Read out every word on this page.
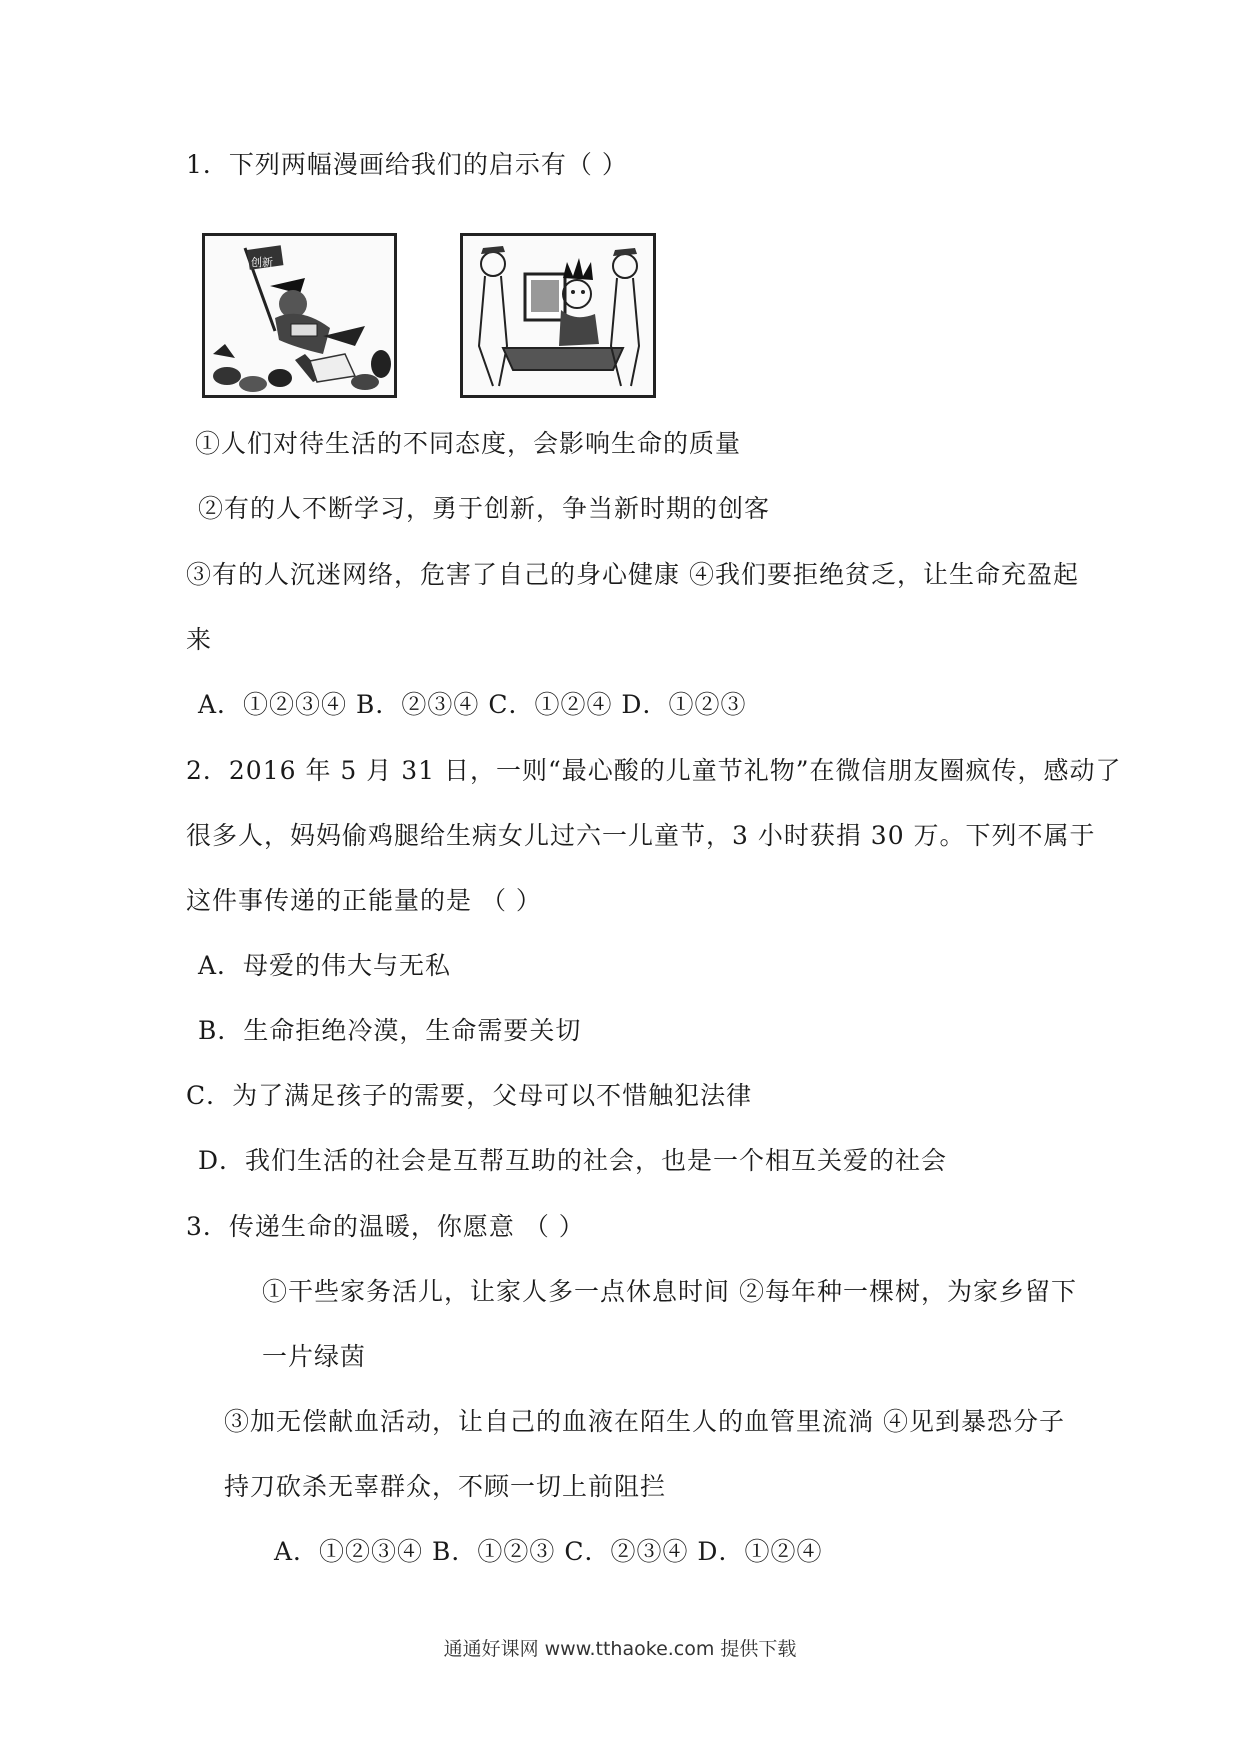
1．下列两幅漫画给我们的启示有（ ）
创新
①人们对待生活的不同态度，会影响生命的质量
②有的人不断学习，勇于创新，争当新时期的创客
③有的人沉迷网络，危害了自己的身心健康 ④我们要拒绝贫乏，让生命充盈起
来
A．①②③④ B．②③④ C．①②④ D．①②③
2．2016 年 5 月 31 日，一则“最心酸的儿童节礼物”在微信朋友圈疯传，感动了
很多人，妈妈偷鸡腿给生病女儿过六一儿童节，3 小时获捐 30 万。下列不属于
这件事传递的正能量的是 （ ）
A．母爱的伟大与无私
B．生命拒绝冷漠，生命需要关切
C．为了满足孩子的需要，父母可以不惜触犯法律
D．我们生活的社会是互帮互助的社会，也是一个相互关爱的社会
3．传递生命的温暖，你愿意 （ ）
①干些家务活儿，让家人多一点休息时间 ②每年种一棵树，为家乡留下
一片绿茵
③加无偿献血活动，让自己的血液在陌生人的血管里流淌 ④见到暴恐分子
持刀砍杀无辜群众，不顾一切上前阻拦
A．①②③④ B．①②③ C．②③④ D．①②④
通通好课网 www.tthaoke.com 提供下载
